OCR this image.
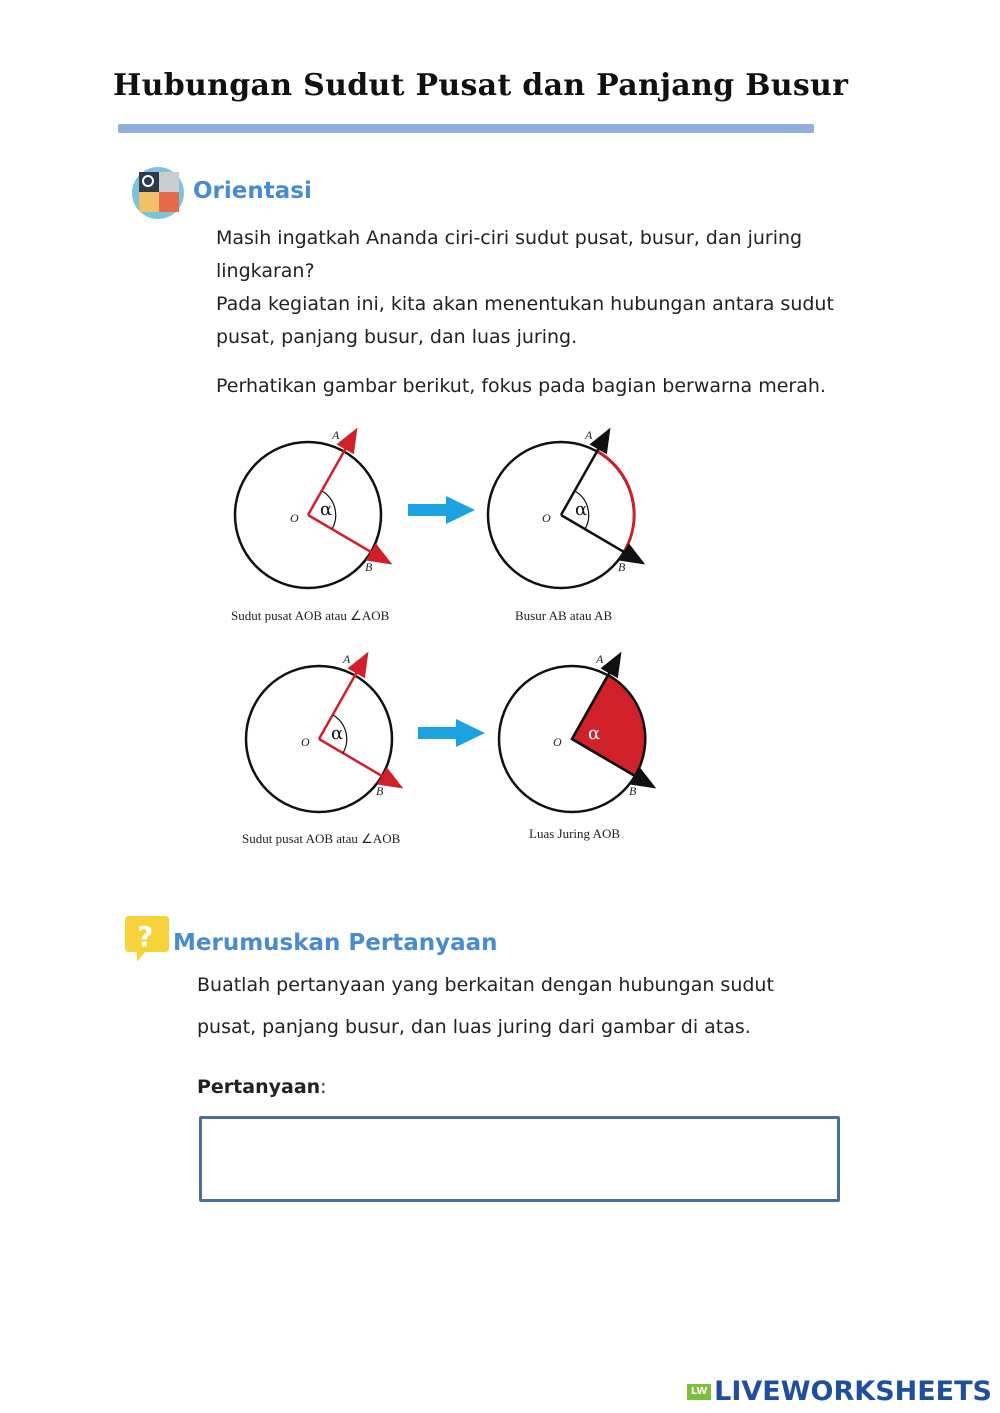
Hubungan Sudut Pusat dan Panjang Busur
Orientasi
Masih ingatkah Ananda ciri-ciri sudut pusat, busur, dan juring lingkaran?
Pada kegiatan ini, kita akan menentukan hubungan antara sudut pusat, panjang busur, dan luas juring.
Perhatikan gambar berikut, fokus pada bagian berwarna merah.
α
O
A
B
Sudut pusat AOB atau ∠AOB
α
O
A
B
Busur AB atau AB
α
O
A
B
Sudut pusat AOB atau ∠AOB
α
O
A
B
Luas Juring AOB
? Merumuskan Pertanyaan
Buatlah pertanyaan yang berkaitan dengan hubungan sudut
pusat, panjang busur, dan luas juring dari gambar di atas.
Pertanyaan:
LW LIVEWORKSHEETS
